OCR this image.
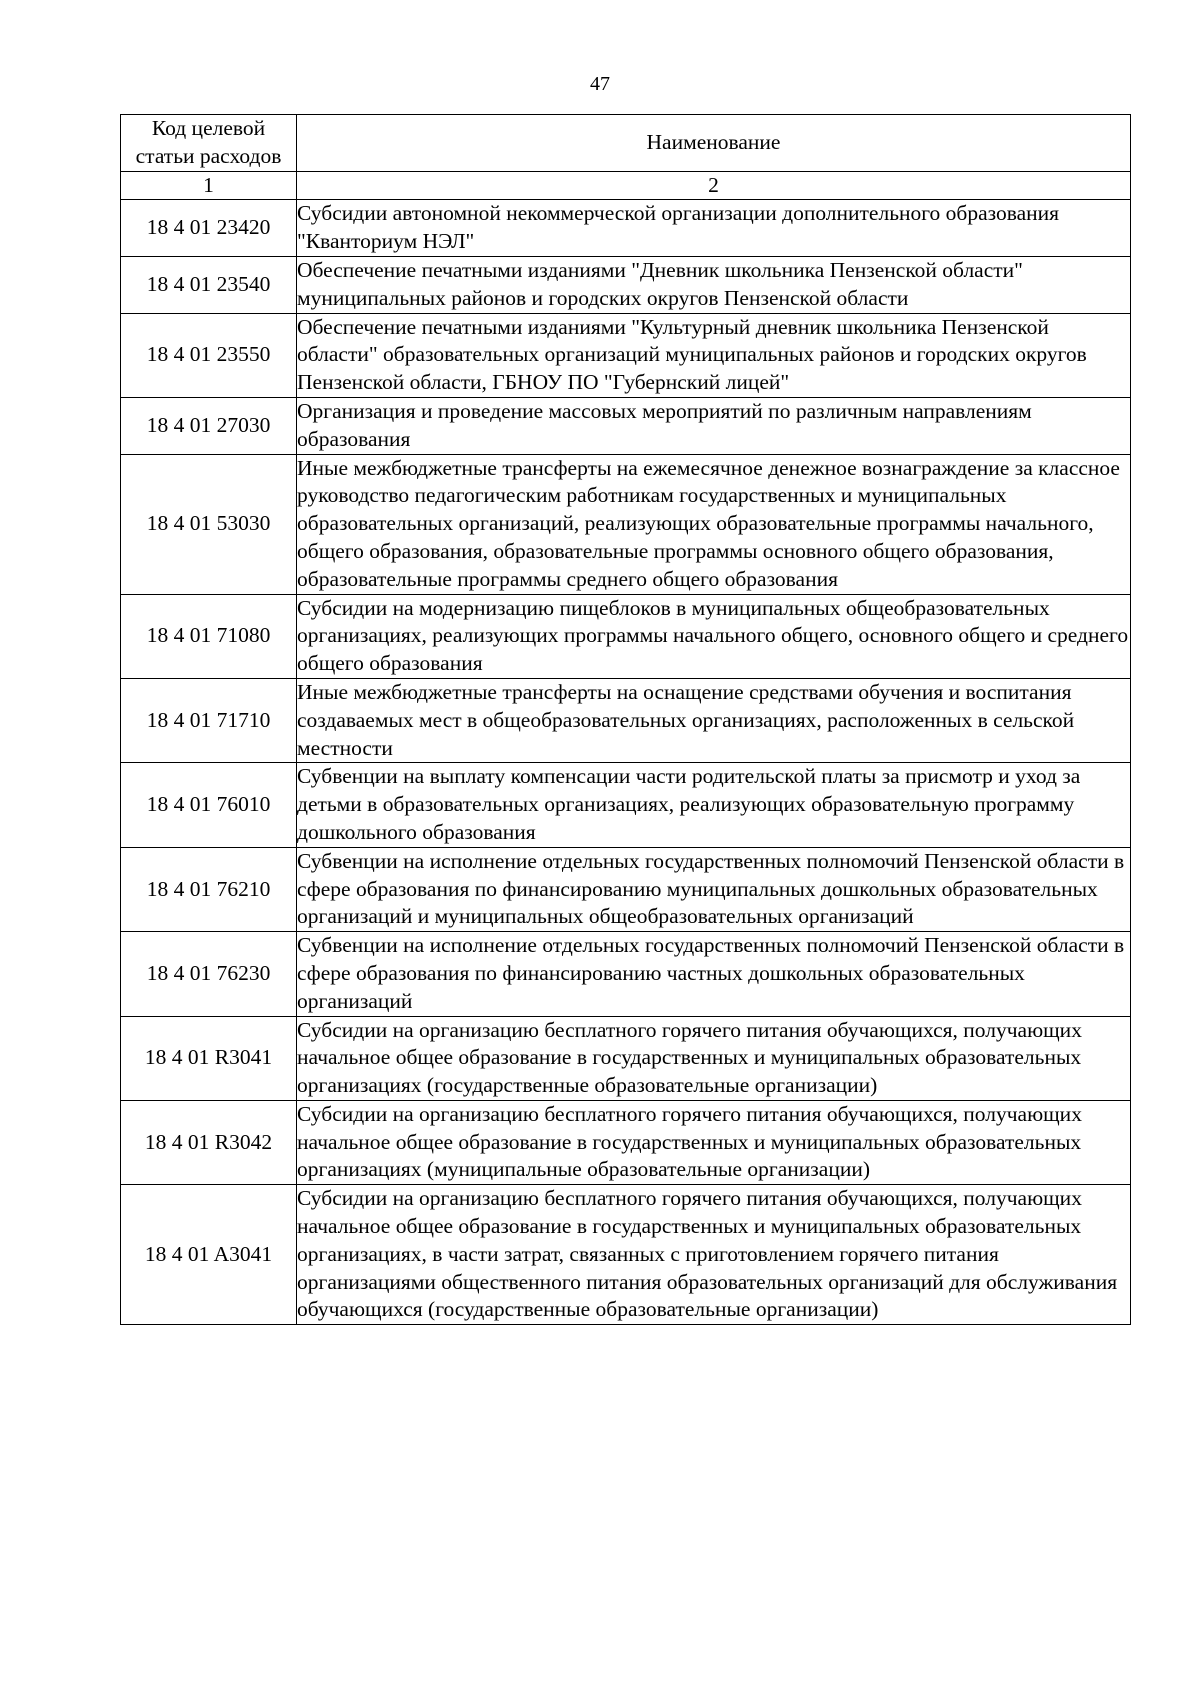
47
Код целевой статьи расходов	Наименование
1	2
18 4 01 23420	Субсидии автономной некоммерческой организации дополнительного образования "Кванториум НЭЛ"
18 4 01 23540	Обеспечение печатными изданиями "Дневник школьника Пензенской области" муниципальных районов и городских округов Пензенской области
18 4 01 23550	Обеспечение печатными изданиями "Культурный дневник школьника Пензенской области" образовательных организаций муниципальных районов и городских округов Пензенской области, ГБНОУ ПО "Губернский лицей"
18 4 01 27030	Организация и проведение массовых мероприятий по различным направлениям образования
18 4 01 53030	Иные межбюджетные трансферты на ежемесячное денежное вознаграждение за классное руководство педагогическим работникам государственных и муниципальных образовательных организаций, реализующих образовательные программы начального, общего образования, образовательные программы основного общего образования, образовательные программы среднего общего образования
18 4 01 71080	Субсидии на модернизацию пищеблоков в муниципальных общеобразовательных организациях, реализующих программы начального общего, основного общего и среднего общего образования
18 4 01 71710	Иные межбюджетные трансферты на оснащение средствами обучения и воспитания создаваемых мест в общеобразовательных организациях, расположенных в сельской местности
18 4 01 76010	Субвенции на выплату компенсации части родительской платы за присмотр и уход за детьми в образовательных организациях, реализующих образовательную программу дошкольного образования
18 4 01 76210	Субвенции на исполнение отдельных государственных полномочий Пензенской области в сфере образования по финансированию муниципальных дошкольных образовательных организаций и муниципальных общеобразовательных организаций
18 4 01 76230	Субвенции на исполнение отдельных государственных полномочий Пензенской области в сфере образования по финансированию частных дошкольных образовательных организаций
18 4 01 R3041	Субсидии на организацию бесплатного горячего питания обучающихся, получающих начальное общее образование в государственных и муниципальных образовательных организациях (государственные образовательные организации)
18 4 01 R3042	Субсидии на организацию бесплатного горячего питания обучающихся, получающих начальное общее образование в государственных и муниципальных образовательных организациях (муниципальные образовательные организации)
18 4 01 A3041	Субсидии на организацию бесплатного горячего питания обучающихся, получающих начальное общее образование в государственных и муниципальных образовательных организациях, в части затрат, связанных с приготовлением горячего питания организациями общественного питания образовательных организаций для обслуживания обучающихся (государственные образовательные организации)
